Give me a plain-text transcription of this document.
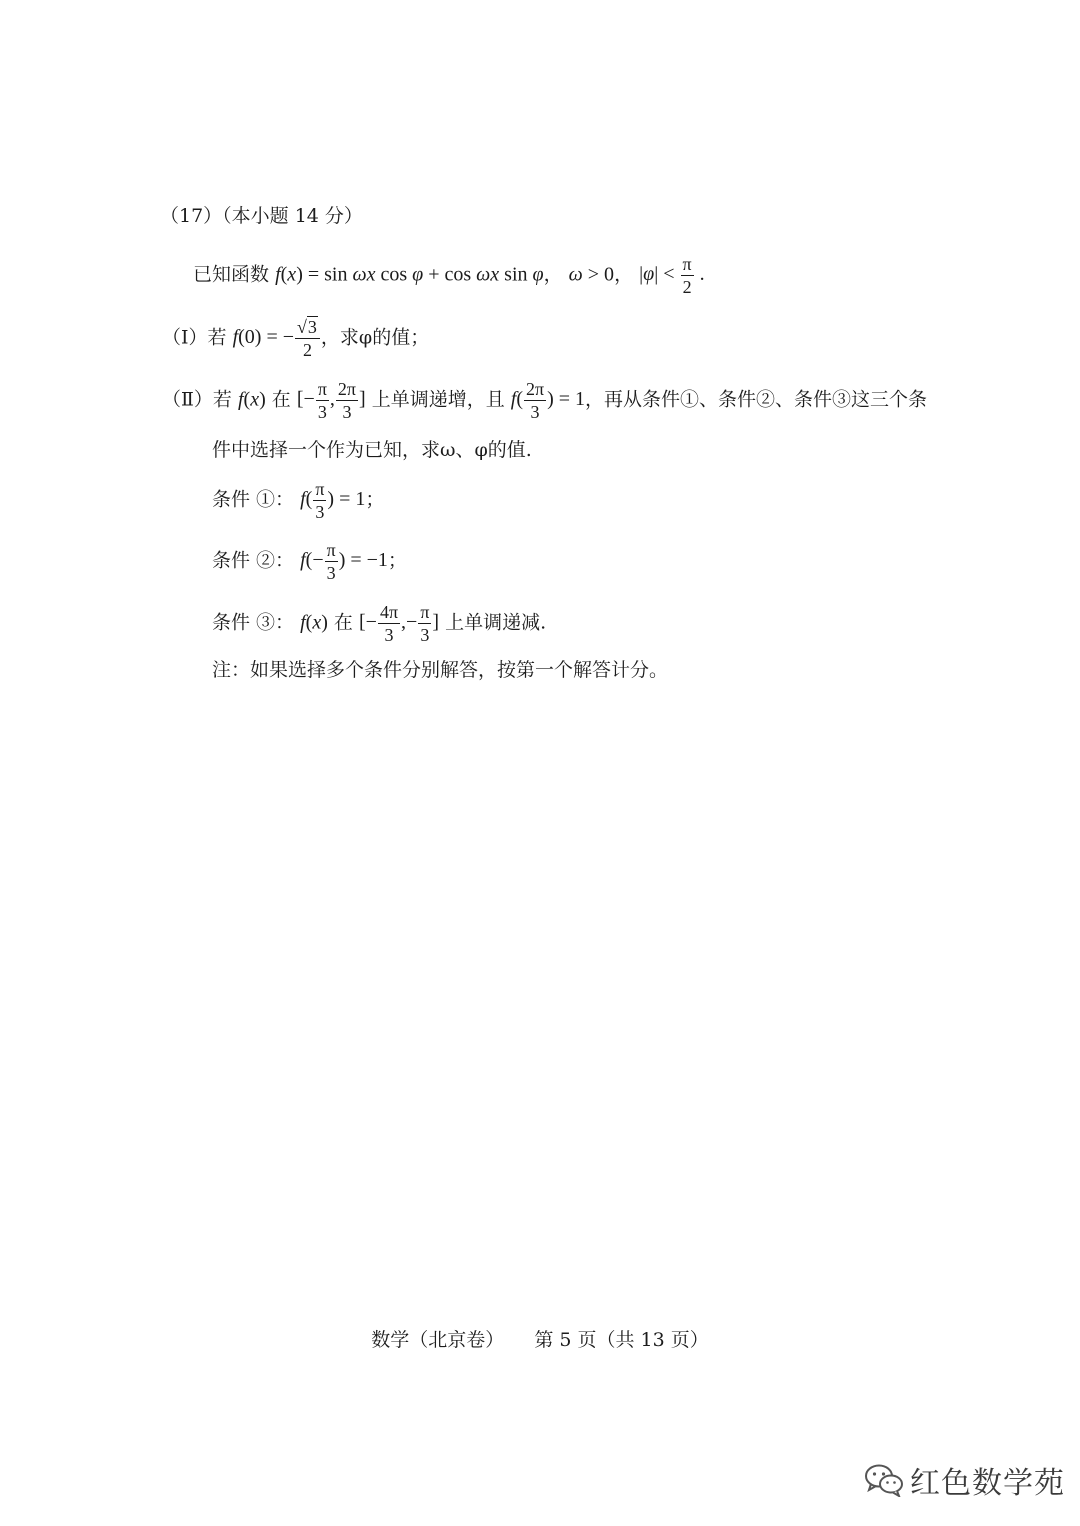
（17）（本小题 14 分）
已知函数 f(x) = sin ωx cos φ + cos ωx sin φ， ω > 0， $|\varphi| < \frac{\pi}{2}$ .
（Ⅰ）若 f(0) = − $\frac{√3}{2}$ ，求φ的值；
（Ⅱ）若 f(x) 在 [− $\frac{\pi}{3}$ , $\frac{2\pi}{3}$ ] 上单调递增，且 $f( \frac{2\pi}{3}$ ) = 1，再从条件①、条件②、条件③这三个条
件中选择一个作为已知，求ω、φ的值.
条件 ①： $f( \frac{\pi}{3}$ ) = 1；
条件 ②： $f(- \frac{\pi}{3}$ ) = −1；
条件 ③： f(x) 在 [− $\frac{4\pi}{3}$ ,− $\frac{\pi}{3}$ ] 上单调递减.
注：如果选择多个条件分别解答，按第一个解答计分。
数学（北京卷） 第 5 页（共 13 页）
红色数学苑
